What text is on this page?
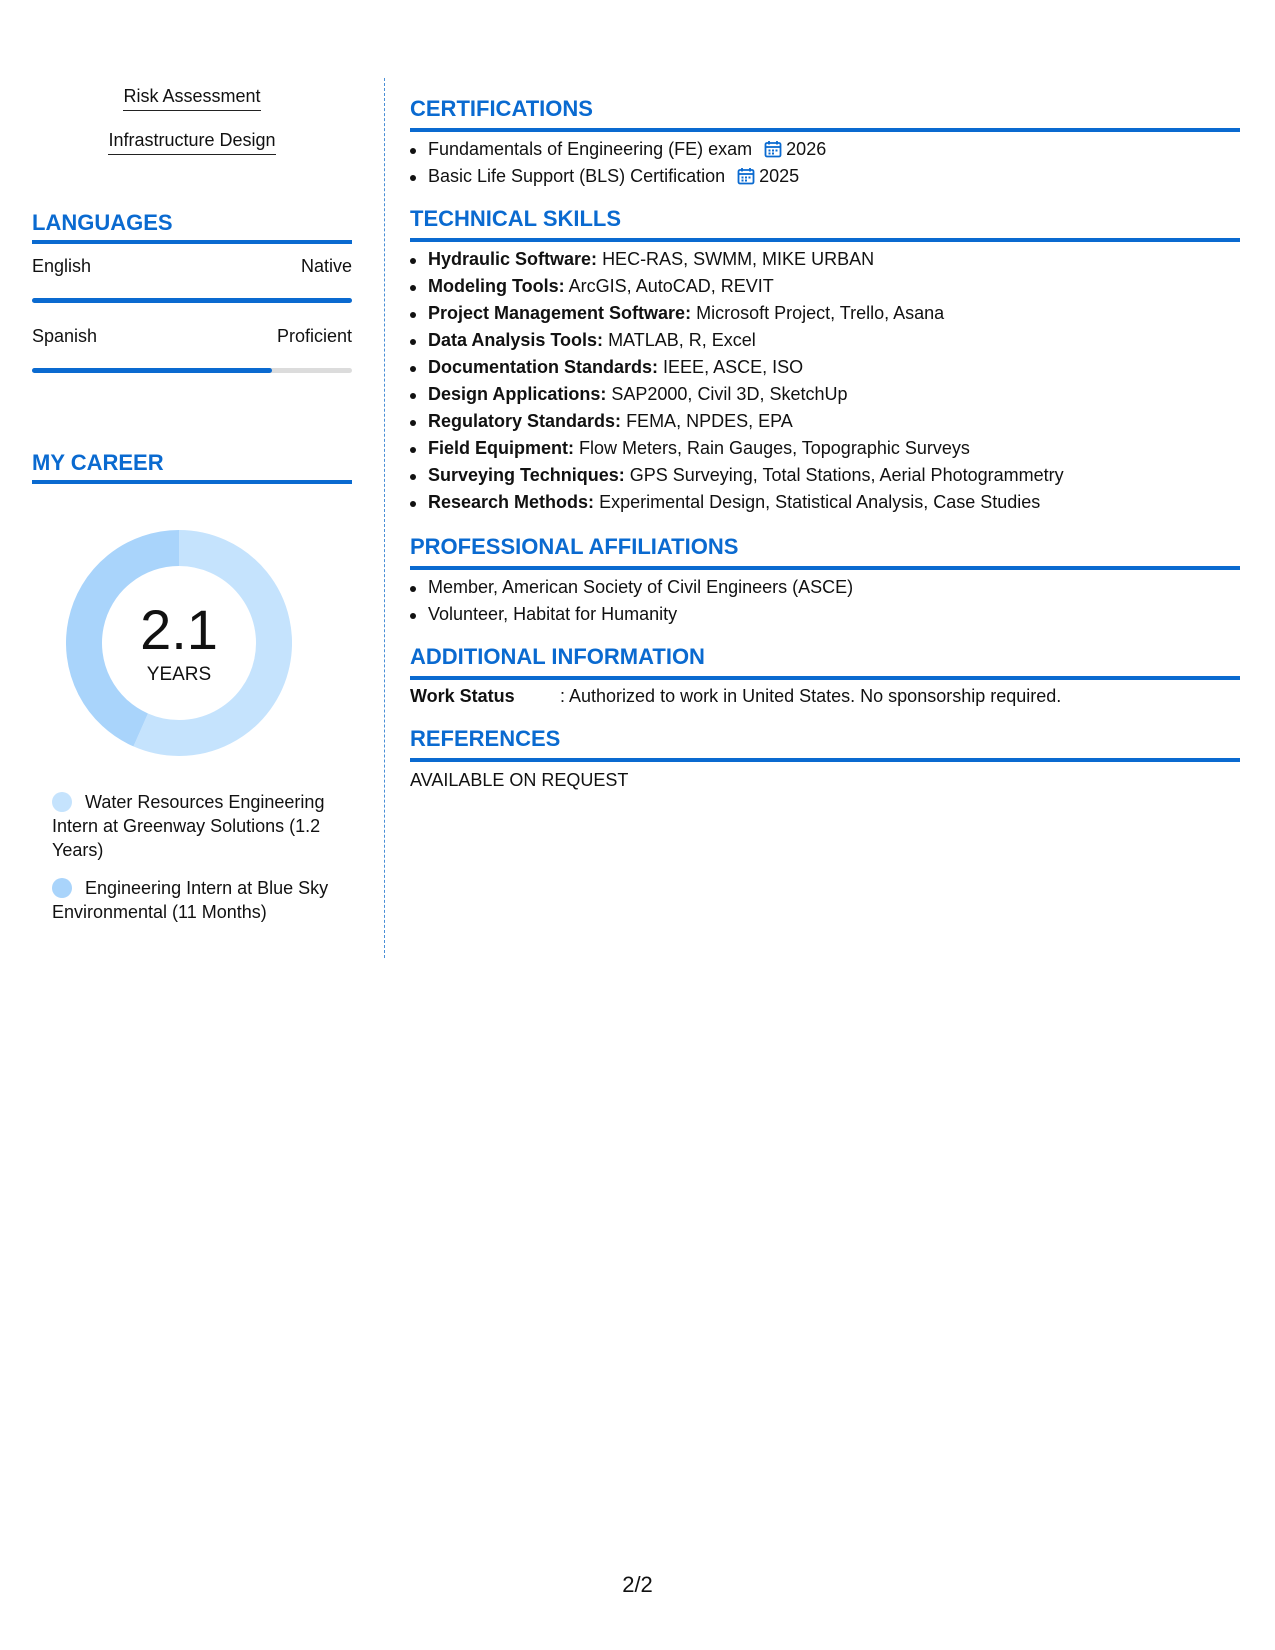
Risk Assessment
Infrastructure Design
LANGUAGES
English	Native
Spanish	Proficient
MY CAREER
2.1
YEARS
Water Resources Engineering Intern at Greenway Solutions (1.2 Years)
Engineering Intern at Blue Sky Environmental (11 Months)
CERTIFICATIONS
Fundamentals of Engineering (FE) exam 2026
Basic Life Support (BLS) Certification 2025
TECHNICAL SKILLS
Hydraulic Software: HEC-RAS, SWMM, MIKE URBAN
Modeling Tools: ArcGIS, AutoCAD, REVIT
Project Management Software: Microsoft Project, Trello, Asana
Data Analysis Tools: MATLAB, R, Excel
Documentation Standards: IEEE, ASCE, ISO
Design Applications: SAP2000, Civil 3D, SketchUp
Regulatory Standards: FEMA, NPDES, EPA
Field Equipment: Flow Meters, Rain Gauges, Topographic Surveys
Surveying Techniques: GPS Surveying, Total Stations, Aerial Photogrammetry
Research Methods: Experimental Design, Statistical Analysis, Case Studies
PROFESSIONAL AFFILIATIONS
Member, American Society of Civil Engineers (ASCE)
Volunteer, Habitat for Humanity
ADDITIONAL INFORMATION
Work Status	: Authorized to work in United States. No sponsorship required.
REFERENCES
AVAILABLE ON REQUEST
2/2
